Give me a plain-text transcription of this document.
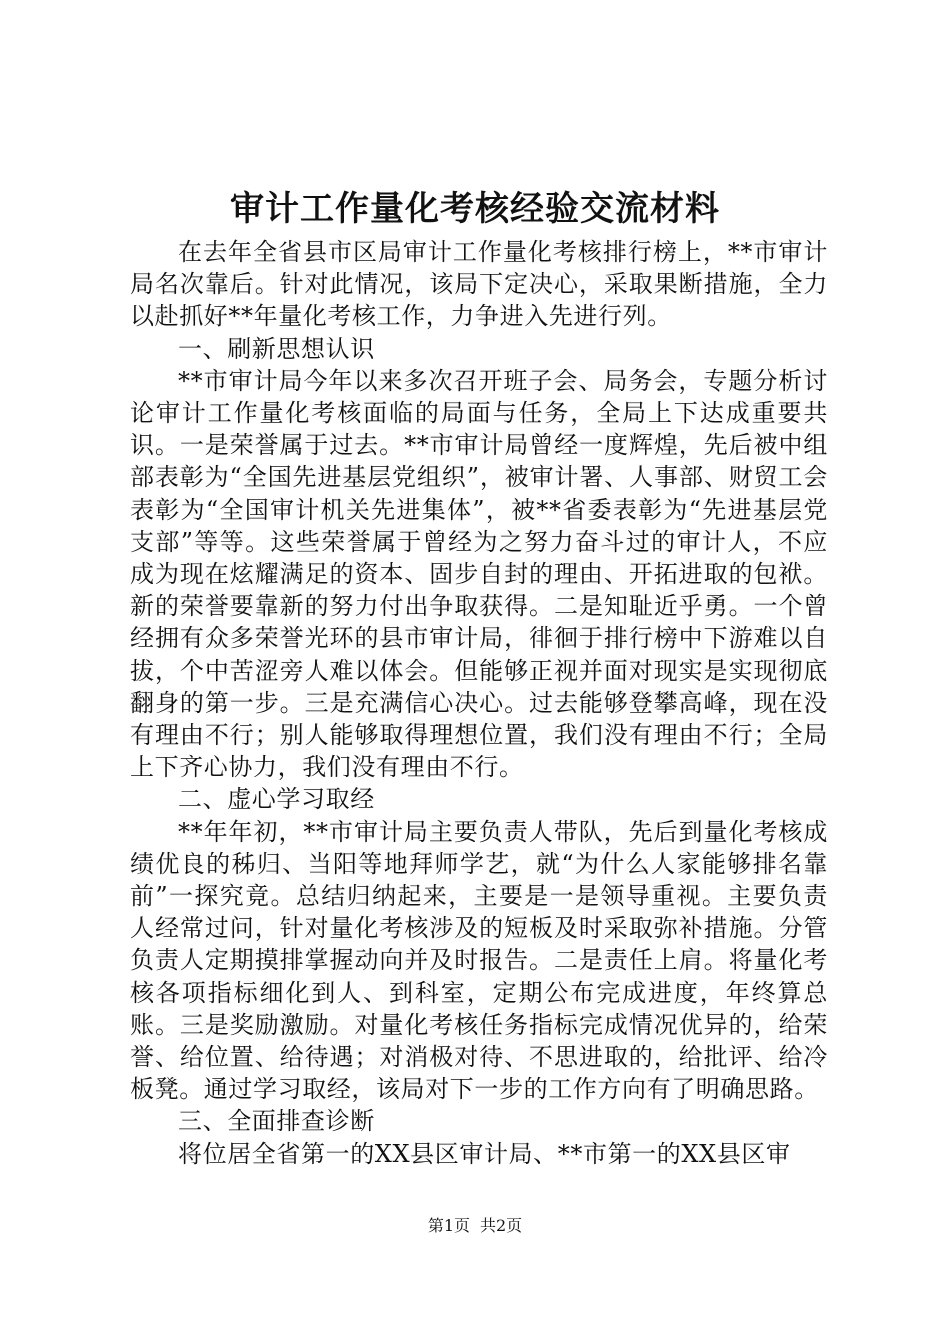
审计工作量化考核经验交流材料

在去年全省县市区局审计工作量化考核排行榜上，**市审计局名次靠后。针对此情况，该局下定决心，采取果断措施，全力以赴抓好**年量化考核工作，力争进入先进行列。

一、刷新思想认识

**市审计局今年以来多次召开班子会、局务会，专题分析讨论审计工作量化考核面临的局面与任务，全局上下达成重要共识。一是荣誉属于过去。**市审计局曾经一度辉煌，先后被中组部表彰为“全国先进基层党组织”，被审计署、人事部、财贸工会表彰为“全国审计机关先进集体”，被**省委表彰为“先进基层党支部”等等。这些荣誉属于曾经为之努力奋斗过的审计人，不应成为现在炫耀满足的资本、固步自封的理由、开拓进取的包袱。新的荣誉要靠新的努力付出争取获得。二是知耻近乎勇。一个曾经拥有众多荣誉光环的县市审计局，徘徊于排行榜中下游难以自拔，个中苦涩旁人难以体会。但能够正视并面对现实是实现彻底翻身的第一步。三是充满信心决心。过去能够登攀高峰，现在没有理由不行；别人能够取得理想位置，我们没有理由不行；全局上下齐心协力，我们没有理由不行。

二、虚心学习取经

**年年初，**市审计局主要负责人带队，先后到量化考核成绩优良的秭归、当阳等地拜师学艺，就“为什么人家能够排名靠前”一探究竟。总结归纳起来，主要是一是领导重视。主要负责人经常过问，针对量化考核涉及的短板及时采取弥补措施。分管负责人定期摸排掌握动向并及时报告。二是责任上肩。将量化考核各项指标细化到人、到科室，定期公布完成进度，年终算总账。三是奖励激励。对量化考核任务指标完成情况优异的，给荣誉、给位置、给待遇；对消极对待、不思进取的，给批评、给冷板凳。通过学习取经，该局对下一步的工作方向有了明确思路。

三、全面排查诊断

将位居全省第一的XX县区审计局、**市第一的XX县区审

第1页 共2页
